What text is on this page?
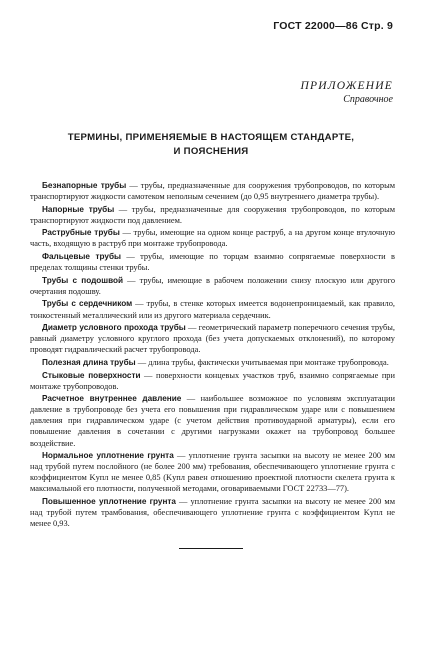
ГОСТ 22000—86 Стр. 9
ПРИЛОЖЕНИЕ
Справочное
ТЕРМИНЫ, ПРИМЕНЯЕМЫЕ В НАСТОЯЩЕМ СТАНДАРТЕ,
И ПОЯСНЕНИЯ

Безнапорные трубы — трубы, предназначенные для сооружения трубопроводов, по которым транспортируют жидкости самотеком неполным сечением (до 0,95 внутреннего диаметра трубы).

Напорные трубы — трубы, предназначенные для сооружения трубопроводов, по которым транспортируют жидкости под давлением.

Раструбные трубы — трубы, имеющие на одном конце раструб, а на другом конце втулочную часть, входящую в раструб при монтаже трубопровода.

Фальцевые трубы — трубы, имеющие по торцам взаимно сопрягаемые поверхности в пределах толщины стенки трубы.

Трубы с подошвой — трубы, имеющие в рабочем положении снизу плоскую или другого очертания подошву.

Трубы с сердечником — трубы, в стенке которых имеется водонепроницаемый, как правило, тонкостенный металлический или из другого материала сердечник.

Диаметр условного прохода трубы — геометрический параметр поперечного сечения трубы, равный диаметру условного круглого прохода (без учета допускаемых отклонений), по которому проводят гидравлический расчет трубопровода.

Полезная длина трубы — длина трубы, фактически учитываемая при монтаже трубопровода.

Стыковые поверхности — поверхности концевых участков труб, взаимно сопрягаемые при монтаже трубопроводов.

Расчетное внутреннее давление — наибольшее возможное по условиям эксплуатации давление в трубопроводе без учета его повышения при гидравлическом ударе или с повышением давления при гидравлическом ударе (с учетом действия противоударной арматуры), если его повышение давления в сочетании с другими нагрузками окажет на трубопровод большее воздействие.

Нормальное уплотнение грунта — уплотнение грунта засыпки на высоту не менее 200 мм над трубой путем послойного (не более 200 мм) требования, обеспечивающего уплотнение грунта с коэффициентом Kупл не менее 0,85 (Kупл равен отношению проектной плотности скелета грунта к максимальной его плотности, полученной методами, оговариваемыми ГОСТ 22733—77).

Повышенное уплотнение грунта — уплотнение грунта засыпки на высоту не менее 200 мм над трубой путем трамбования, обеспечивающего уплотнение грунта с коэффициентом Kупл не менее 0,93.
